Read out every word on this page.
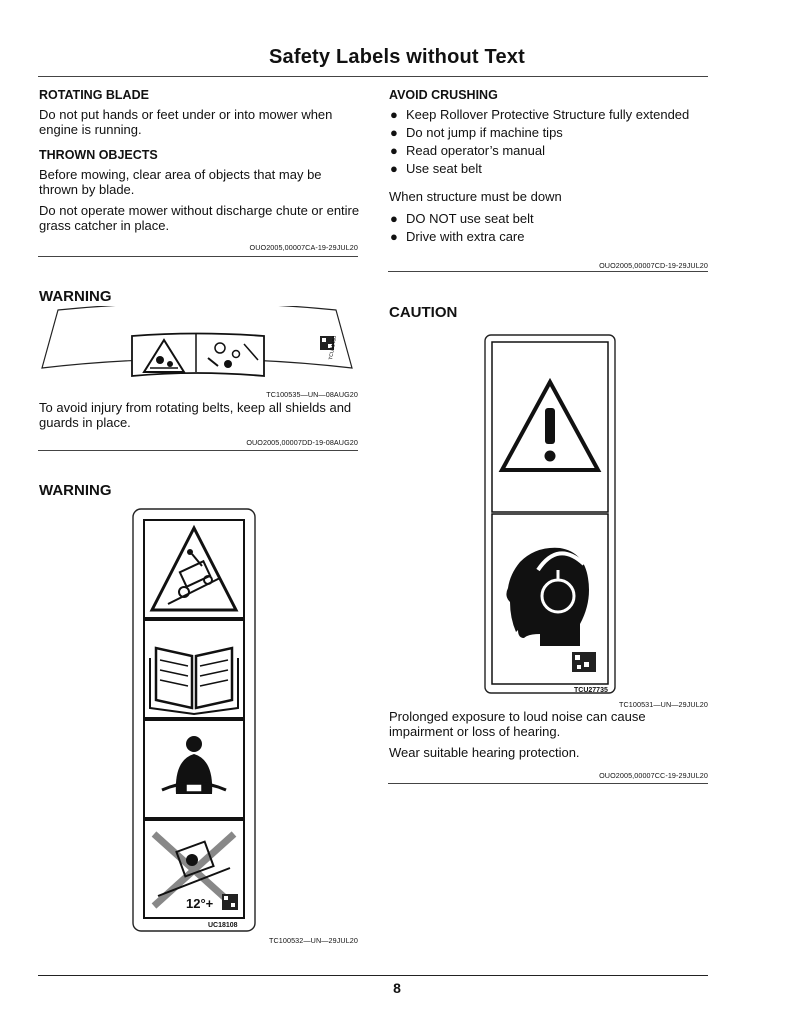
Safety Labels without Text
ROTATING BLADE
Do not put hands or feet under or into mower when engine is running.
THROWN OBJECTS
Before mowing, clear area of objects that may be thrown by blade.
Do not operate mower without discharge chute or entire grass catcher in place.
OUO2005,00007CA-19-29JUL20
WARNING
TCU31480
TC100535—UN—08AUG20
To avoid injury from rotating belts, keep all shields and guards in place.
OUO2005,00007DD-19-08AUG20
WARNING
12°+
UC18108
TC100532—UN—29JUL20
AVOID CRUSHING
● Keep Rollover Protective Structure fully extended
● Do not jump if machine tips
● Read operator’s manual
● Use seat belt
When structure must be down
● DO NOT use seat belt
● Drive with extra care
OUO2005,00007CD-19-29JUL20
CAUTION
TCU27735
TC100531—UN—29JUL20
Prolonged exposure to loud noise can cause impairment or loss of hearing.
Wear suitable hearing protection.
OUO2005,00007CC-19-29JUL20
8
